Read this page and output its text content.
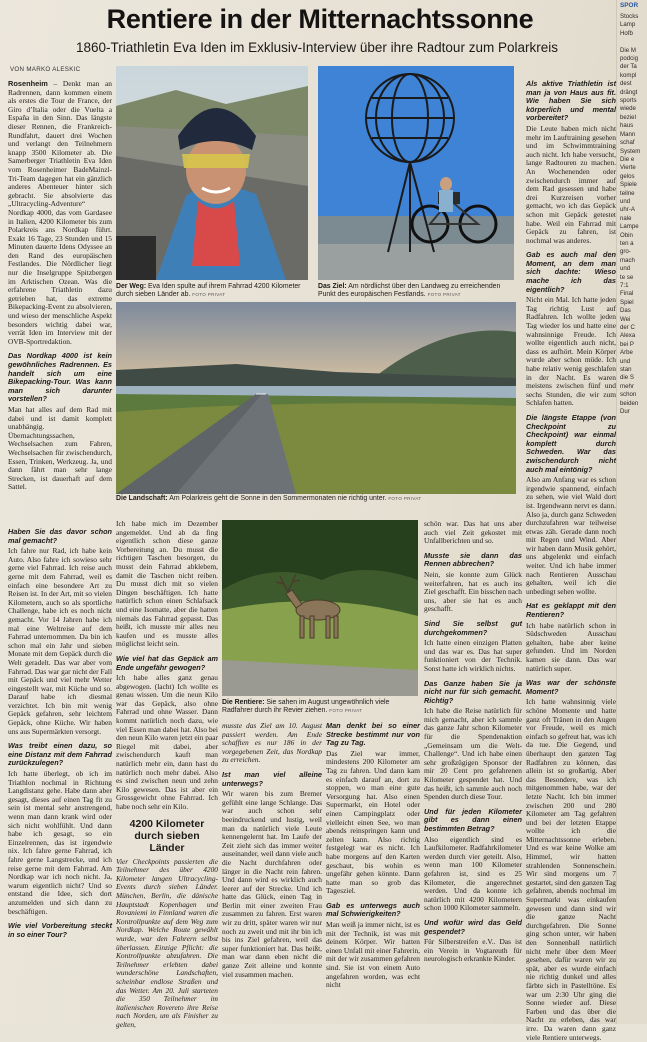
Rentiere in der Mitternachtssonne
1860-Triathletin Eva Iden im Exklusiv-Interview über ihre Radtour zum Polarkreis
VON MARKO ALESKIC
SPOR
Stocks
Lamp
Hofb

Die M
podcig
der Ta
kompl
dest
drängt
sports
wiede
beziel
haus
Mann
schaf
System
Die e
Vierte
gelos
Spiele
teilne
und
uhr-A
nale
Lampe
Obin
ten a
gro-
mach
und
te se
7:1
Final
Spiel
Das
Wei
der C
Alexa
bei P
Arbe
und
stan
die S
mehr
schon
beiden
Dur

Rosenheim – Denkt man an Radrennen, dann kommen einem als erstes die Tour de France, der Giro d’Italia oder die Vuelta a España in den Sinn. Das längste dieser Rennen, die Frankreich-Rundfahrt, dauert drei Wochen und verlangt den Teilnehmern knapp 3500 Kilometer ab. Die Samerberger Triathletin Eva Iden vom Rosenheimer BadeMainzl-Tri-Team dagegen hat ein gänzlich anderes Abenteuer hinter sich gebracht. Sie absolvierte das „Ultracycling-Adventure“ Nordkap 4000, das vom Gardasee in Italien, 4200 Kilometer bis zum Polarkreis ans Nordkap führt. Exakt 16 Tage, 23 Stunden und 15 Minuten dauerte Idens Odyssee an den Rand des europäischen Festlandes. Die Nördlicher liegt nur die Inselgruppe Spitzbergen im Arktischen Ozean. Was die erfahrene Triathletin dazu getrieben hat, das extreme Bikepacking-Event zu absolvieren, und wieso der menschliche Aspekt besonders wichtig dabei war, verrät Iden im Interview mit der OVB-Sportredaktion.

Das Nordkap 4000 ist kein gewöhnliches Radrennen. Es handelt sich um eine Bikepacking-Tour. Was kann man sich darunter vorstellen?

Man hat alles auf dem Rad mit dabei und ist damit komplett unabhängig. Übernachtungssachen, Wechselsachen zum Fahren, Wechselsachen für zwischendurch, Essen, Trinken, Werkzeug. Ja, und dann fährt man sehr lange Strecken, ist dauerhaft auf dem Sattel.

Der Weg: Eva Iden spulte auf ihrem Fahrrad 4200 Kilometer durch sieben Länder ab. FOTO PRIVAT
Das Ziel: Am nördlichst über den Landweg zu erreichenden Punkt des europäischen Festlands. FOTO PRIVAT
Als aktive Triathletin ist man ja von Haus aus fit. Wie haben Sie sich körperlich und mental vorbereitet?

Die Leute haben mich nicht mehr im Lauftraining gesehen und im Schwimmtraining auch nicht. Ich habe versucht, lange Radtouren zu machen. An Wochenenden oder zwischendurch immer auf dem Rad gesessen und habe drei Kurzreisen vorher gemacht, wo ich das Gepäck schon mit Gepäck getestet habe. Weil ein Fahrrad mit Gepäck zu fahren, ist nochmal was anderes.

Gab es auch mal den Moment, an dem man sich dachte: Wieso mache ich das eigentlich?

Nicht ein Mal. Ich hatte jeden Tag richtig Lust auf Radfahren. Ich wollte jeden Tag wieder los und hatte eine wahnsinnige Freude. Ich wollte eigentlich auch nicht, dass es aufhört. Mein Körper wurde aber schon müde. Ich habe relativ wenig geschlafen in der Nacht. Es waren meistens zwischen fünf und sechs Stunden, die wir zum Schlafen hatten.

Die längste Etappe (von Checkpoint zu Checkpoint) war einmal komplett durch Schweden. War das zwischendurch nicht auch mal eintönig?

Also am Anfang war es schon irgendwie spannend, einfach zu sehen, wie viel Wald dort ist. Irgendwann nervt es dann. Also ja, durch ganz Schweden durchzufahren war teilweise etwas zäh. Gerade dann noch mit Regen und Wind. Aber wir haben dann Musik gehört, uns abgelenkt und einfach weiter. Und ich habe immer nach Rentieren Ausschau gehalten, weil ich die unbedingt sehen wollte.

Hat es geklappt mit den Rentieren?

Ich habe natürlich schon in Südschweden Ausschau gehalten, habe aber keine gefunden. Und im Norden kamen sie dann. Das war natürlich super.

Was war der schönste Moment?

Ich hatte wahnsinnig viele schöne Momente und hatte ganz oft Tränen in den Augen vor Freude, weil es mich einfach so gefreut hat, was ich da tue. Die Gegend, und überhaupt den ganzen Tag Radfahren zu können, das allein ist so großartig. Aber das Besondere, was ich mitgenommen habe, war der letzte Nacht. Ich bin immer zwischen 200 und 280 Kilometer am Tag gefahren und bei der letzten Etappe wollte ich die Mitternachtssonne erleben. Und es war keine Wolke am Himmel, wir hatten strahlenden Sonnenschein. Wir sind morgens um 7 gestartet, sind den ganzen Tag gefahren, abends nochmal im Supermarkt was einkaufen gewesen und dann sind wir die ganze Nacht durchgefahren. Die Sonne ging schon unter, wir haben den Sonnenball natürlich nicht mehr über dem Meer gesehen, dafür waren wir zu spät, aber es wurde einfach nie richtig dunkel und alles färbte sich in Pastelltöne. Es war um 2:30 Uhr ging die Sonne wieder auf. Diese Farben und das über die Nacht zu erleben, das war irre. Da waren dann ganz viele Rentiere unterwegs.

Die Landschaft: Am Polarkreis geht die Sonne in den Sommermonaten nie richtig unter. FOTO PRIVAT
Haben Sie das davor schon mal gemacht?

Ich fahre nur Rad, ich habe kein Auto. Also fahre ich sowieso sehr gerne viel Fahrrad. Ich reise auch gerne mit dem Fahrrad, weil es einfach eine besondere Art zu Reisen ist. In der Art, mit so vielen Kilometern, auch so als sportliche Challenge, habe ich es noch nicht gemacht. Vor 14 Jahren habe ich mal eine Weltreise auf dem Fahrrad unternommen. Da bin ich schon mal ein Jahr und sieben Monate mit dem Gepäck durch die Welt geradelt. Das war aber vom Fahrrad. Das war gar nicht der Fall mit Gepäck und viel mehr Wetter eingestellt war, mit Küche und so. Darauf habe ich diesmal verzichtet. Ich bin mit wenig Gepäck gefahren, sehr leichtem Gepäck, ohne Küche. Wir haben uns aus Supermärkten versorgt.

Was treibt einen dazu, so eine Distanz mit dem Fahrrad zurückzulegen?

Ich hatte überlegt, ob ich im Triathlon nochmal in Richtung Langdistanz gehe. Habe dann aber gesagt, dieses auf einen Tag fit zu sein ist mental sehr anstrengend, wenn man dann krank wird oder sich nicht wohlfühlt. Und dann habe ich gesagt, so ein Einzelrennen, das ist irgendwie nix. Ich fahre gerne Fahrrad, ich fahre gerne Langstrecke, und ich reise gerne mit dem Fahrrad. Am Nordkap war ich noch nicht. Ja, warum eigentlich nicht? Und so entstand die Idee, sich dort anzumelden und sich dann zu beschäftigen.

Wie viel Vorbereitung steckt in so einer Tour?

Ich habe mich im Dezember angemeldet. Und ab da fing eigentlich schon diese ganze Vorbereitung an. Du musst die richtigen Taschen besorgen, du musst dein Fahrrad abklebem, damit die Taschen nicht reiben. Du musst dich mit so vielen Dingen beschäftigen. Ich hatte natürlich schon einen Schlafsack und eine Isomatte, aber die hatten niemals das Fahrrad gepasst. Das heißt, ich musste mir alles neu kaufen und es musste alles möglichst leicht sein.

Wie viel hat das Gepäck am Ende ungefähr gewogen?

Ich habe alles ganz genau abgewogen. (lacht) Ich wollte es genau wissen. Um die neun Kilo war das Gepäck, also ohne Fahrrad und ohne Wasser. Dann kommt natürlich noch dazu, wie viel Essen man dabei hat. Also bei den neun Kilo waren jetzt ein paar Riegel mit dabei, aber zwischendurch kauft man natürlich mehr ein, dann hast du natürlich noch mehr dabei. Also es sind zwischen neun und zehn Kilo gewesen. Das ist aber ein Grossgewicht ohne Fahrrad. Ich habe noch sehr ein Kilo.

4200 Kilometer durch sieben Länder

Vier Checkpoints passierten die Teilnehmer des über 4200 Kilometer langen Ultracycling-Events durch sieben Länder. München, Berlin, die dänische Hauptstadt Kopenhagen und Rovaniemi in Finnland waren die Kontrollpunkte auf dem Weg zum Nordkap. Welche Route gewählt wurde, war den Fahrern selbst überlassen. Einzige Pflicht: die Kontrollpunkte abzufahren. Die Teilnehmer erlebten dabei wunderschöne Landschaften, scheinbar endlose Straßen und das Wetter. Am 20. Juli starteten die 350 Teilnehmer im italienischen Rovereto ihre Reise nach Norden, um als Finisher zu gelten,

Die Rentiere: Sie sahen im August ungewöhnlich viele Radfahrer durch ihr Revier ziehen. FOTO PRIVAT

musste das Ziel am 10. August passiert werden. Am Ende schafften es nur 186 in der vorgegebenen Zeit, das Nordkap zu erreichen.

Ist man viel alleine unterwegs?

Wir waren bis zum Bremer gefühlt eine lange Schlange. Das war auch schon sehr beeindruckend und lustig, weil man da natürlich viele Leute kennengelernt hat. Im Laufe der Zeit zieht sich das immer weiter auseinander, weil dann viele auch die Nacht durchfahren oder länger in die Nacht rein fahren. Und dann wird es wirklich auch leerer auf der Strecke. Und ich hatte das Glück, einen Tag in Berlin mit einer zweiten Frau zusammen zu fahren. Erst waren wir zu dritt, später waren wir nur noch zu zweit und mit ihr bin ich bis ins Ziel gefahren, weil das super funktioniert hat. Das heißt, man war dann eben nicht die ganze Zeit alleine und konnte viel zusammen machen.

Man denkt bei so einer Strecke bestimmt nur von Tag zu Tag.

Das Ziel war immer, mindestens 200 Kilometer am Tag zu fahren. Und dann kam es einfach darauf an, dort zu stoppen, wo man eine gute Versorgung hat. Also einen Supermarkt, ein Hotel oder einen Campingplatz oder vielleicht einen See, wo man abends reinspringen kann und zelten kann. Also richtig festgelegt war es nicht. Ich habe morgens auf den Karten geschaut, bis wohin es ungefähr gehen könnte. Dann hatte man so grob das Tagesziel.

Gab es unterwegs auch mal Schwierigkeiten?

Man weiß ja immer nicht, ist es mit der Technik, ist was mit deinem Körper. Wir hatten einen Unfall mit einer Fahrerin, mit der wir zusammen gefahren sind. Sie ist von einem Auto angefahren worden, was echt nicht

schön war. Das hat uns aber auch viel Zeit gekostet mit Unfallberichten und so.

Musste sie dann das Rennen abbrechen?

Nein, sie konnte zum Glück weiterfahren, hat es auch ins Ziel geschafft. Ein bisschen nach uns, aber sie hat es auch geschafft.

Sind Sie selbst gut durchgekommen?

Ich hatte einen einzigen Platten und das war es. Das hat super funktioniert von der Technik. Sonst hatte ich wirklich nichts.

Das Ganze haben Sie ja nicht nur für sich gemacht. Richtig?

Ich habe die Reise natürlich für mich gemacht, aber ich sammle das ganze Jahr schon Kilometer für die Spendenaktion „Gemeinsam um die Welt-Challenge“. Und ich habe einen sehr großzügigen Sponsor der mir 20 Cent pro gefahrenen Kilometer gespendet hat. Und das heißt, ich sammle auch noch Spenden durch diese Tour.

Und für jeden Kilometer gibt es dann einen bestimmten Betrag?

Also eigentlich sind es Laufkilometer. Radfahrkilometer werden durch vier geteilt. Also, wenn man 100 Kilometer gefahren ist, sind es 25 Kilometer, die angerechnet werden. Und da konnte ich natürlich mit 4200 Kilometern schon 1000 Kilometer sammeln.

Und wofür wird das Geld gespendet?

Für Silberstreifen e.V.. Das ist ein Verein in Vogtareuth für neurologisch erkrankte Kinder.
